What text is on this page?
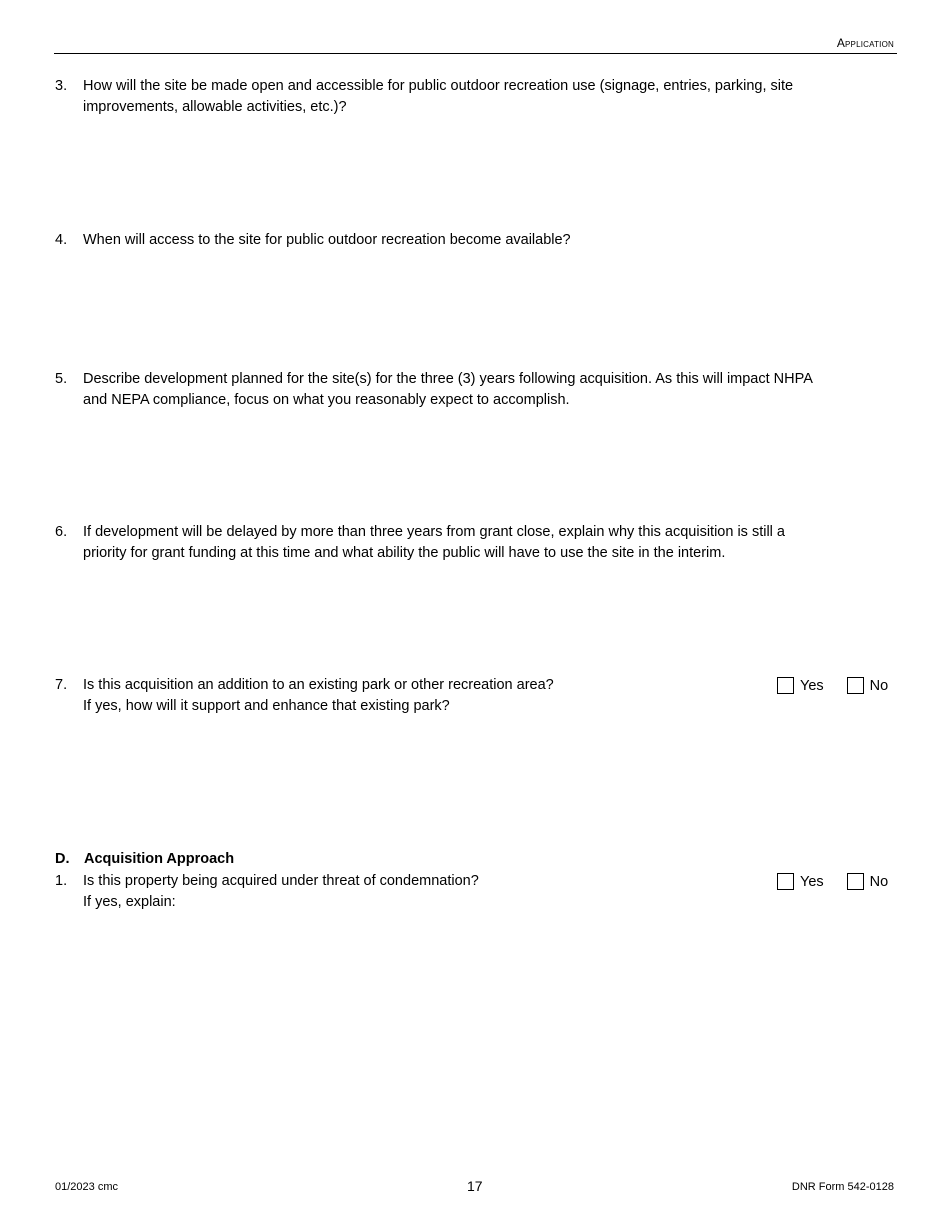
Application
3. How will the site be made open and accessible for public outdoor recreation use (signage, entries, parking, site
improvements, allowable activities, etc.)?
4. When will access to the site for public outdoor recreation become available?
5. Describe development planned for the site(s) for the three (3) years following acquisition. As this will impact NHPA
and NEPA compliance, focus on what you reasonably expect to accomplish.
6. If development will be delayed by more than three years from grant close, explain why this acquisition is still a
priority for grant funding at this time and what ability the public will have to use the site in the interim.
7. Is this acquisition an addition to an existing park or other recreation area?
If yes, how will it support and enhance that existing park?
Yes	No
D. Acquisition Approach
1. Is this property being acquired under threat of condemnation?
If yes, explain:
Yes	No
01/2023 cmc	17	DNR Form 542-0128
